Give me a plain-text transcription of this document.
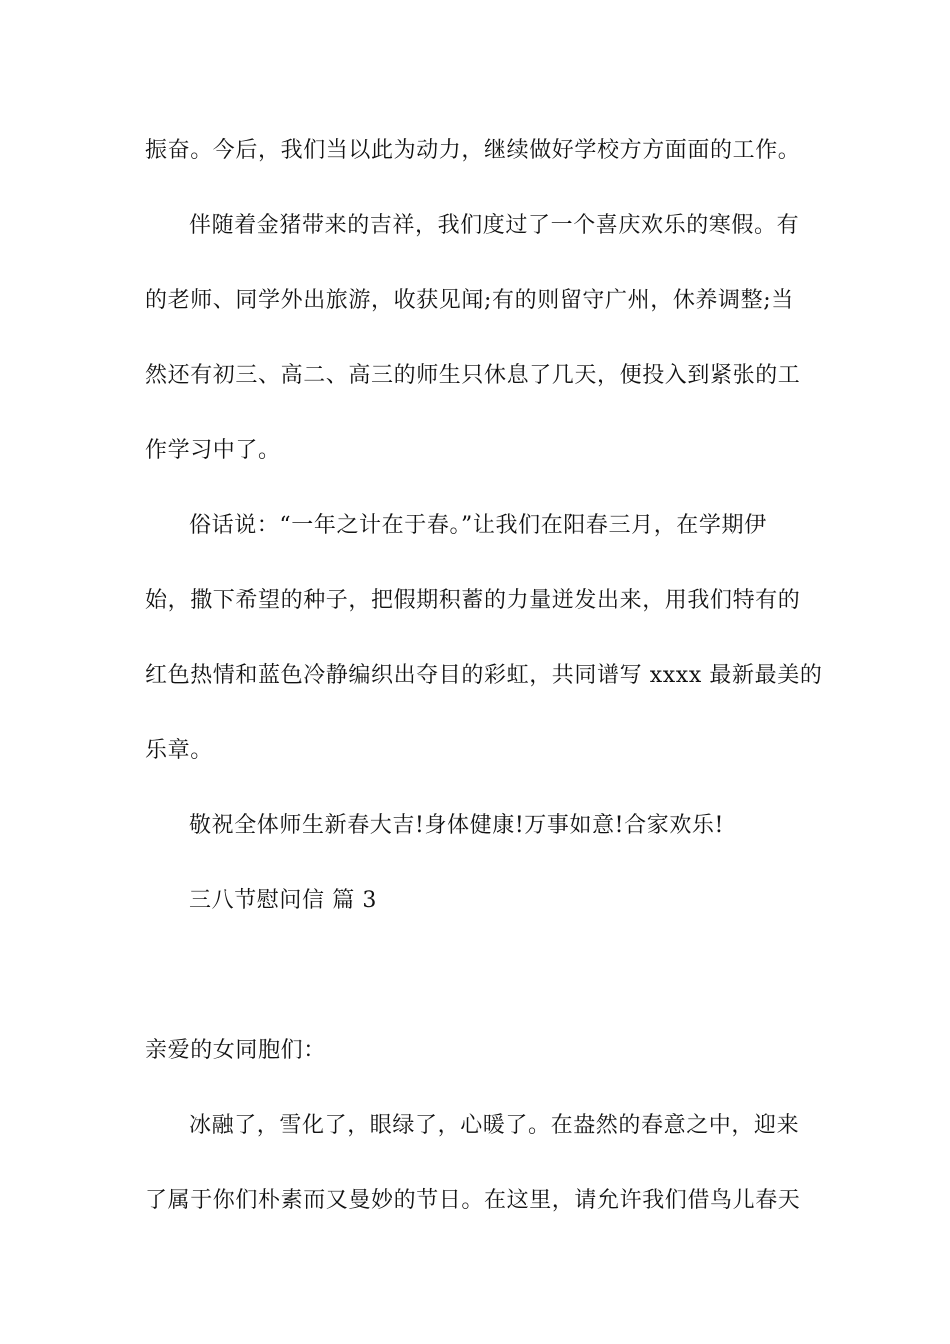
振奋。今后，我们当以此为动力，继续做好学校方方面面的工作。
伴随着金猪带来的吉祥，我们度过了一个喜庆欢乐的寒假。有
的老师、同学外出旅游，收获见闻;有的则留守广州，休养调整;当
然还有初三、高二、高三的师生只休息了几天，便投入到紧张的工
作学习中了。
俗话说：“一年之计在于春。”让我们在阳春三月，在学期伊
始，撒下希望的种子，把假期积蓄的力量迸发出来，用我们特有的
红色热情和蓝色冷静编织出夺目的彩虹，共同谱写 xxxx 最新最美的
乐章。
敬祝全体师生新春大吉!身体健康!万事如意!合家欢乐!
三八节慰问信 篇 3
亲爱的女同胞们：
冰融了，雪化了，眼绿了，心暖了。在盎然的春意之中，迎来
了属于你们朴素而又曼妙的节日。在这里，请允许我们借鸟儿春天
